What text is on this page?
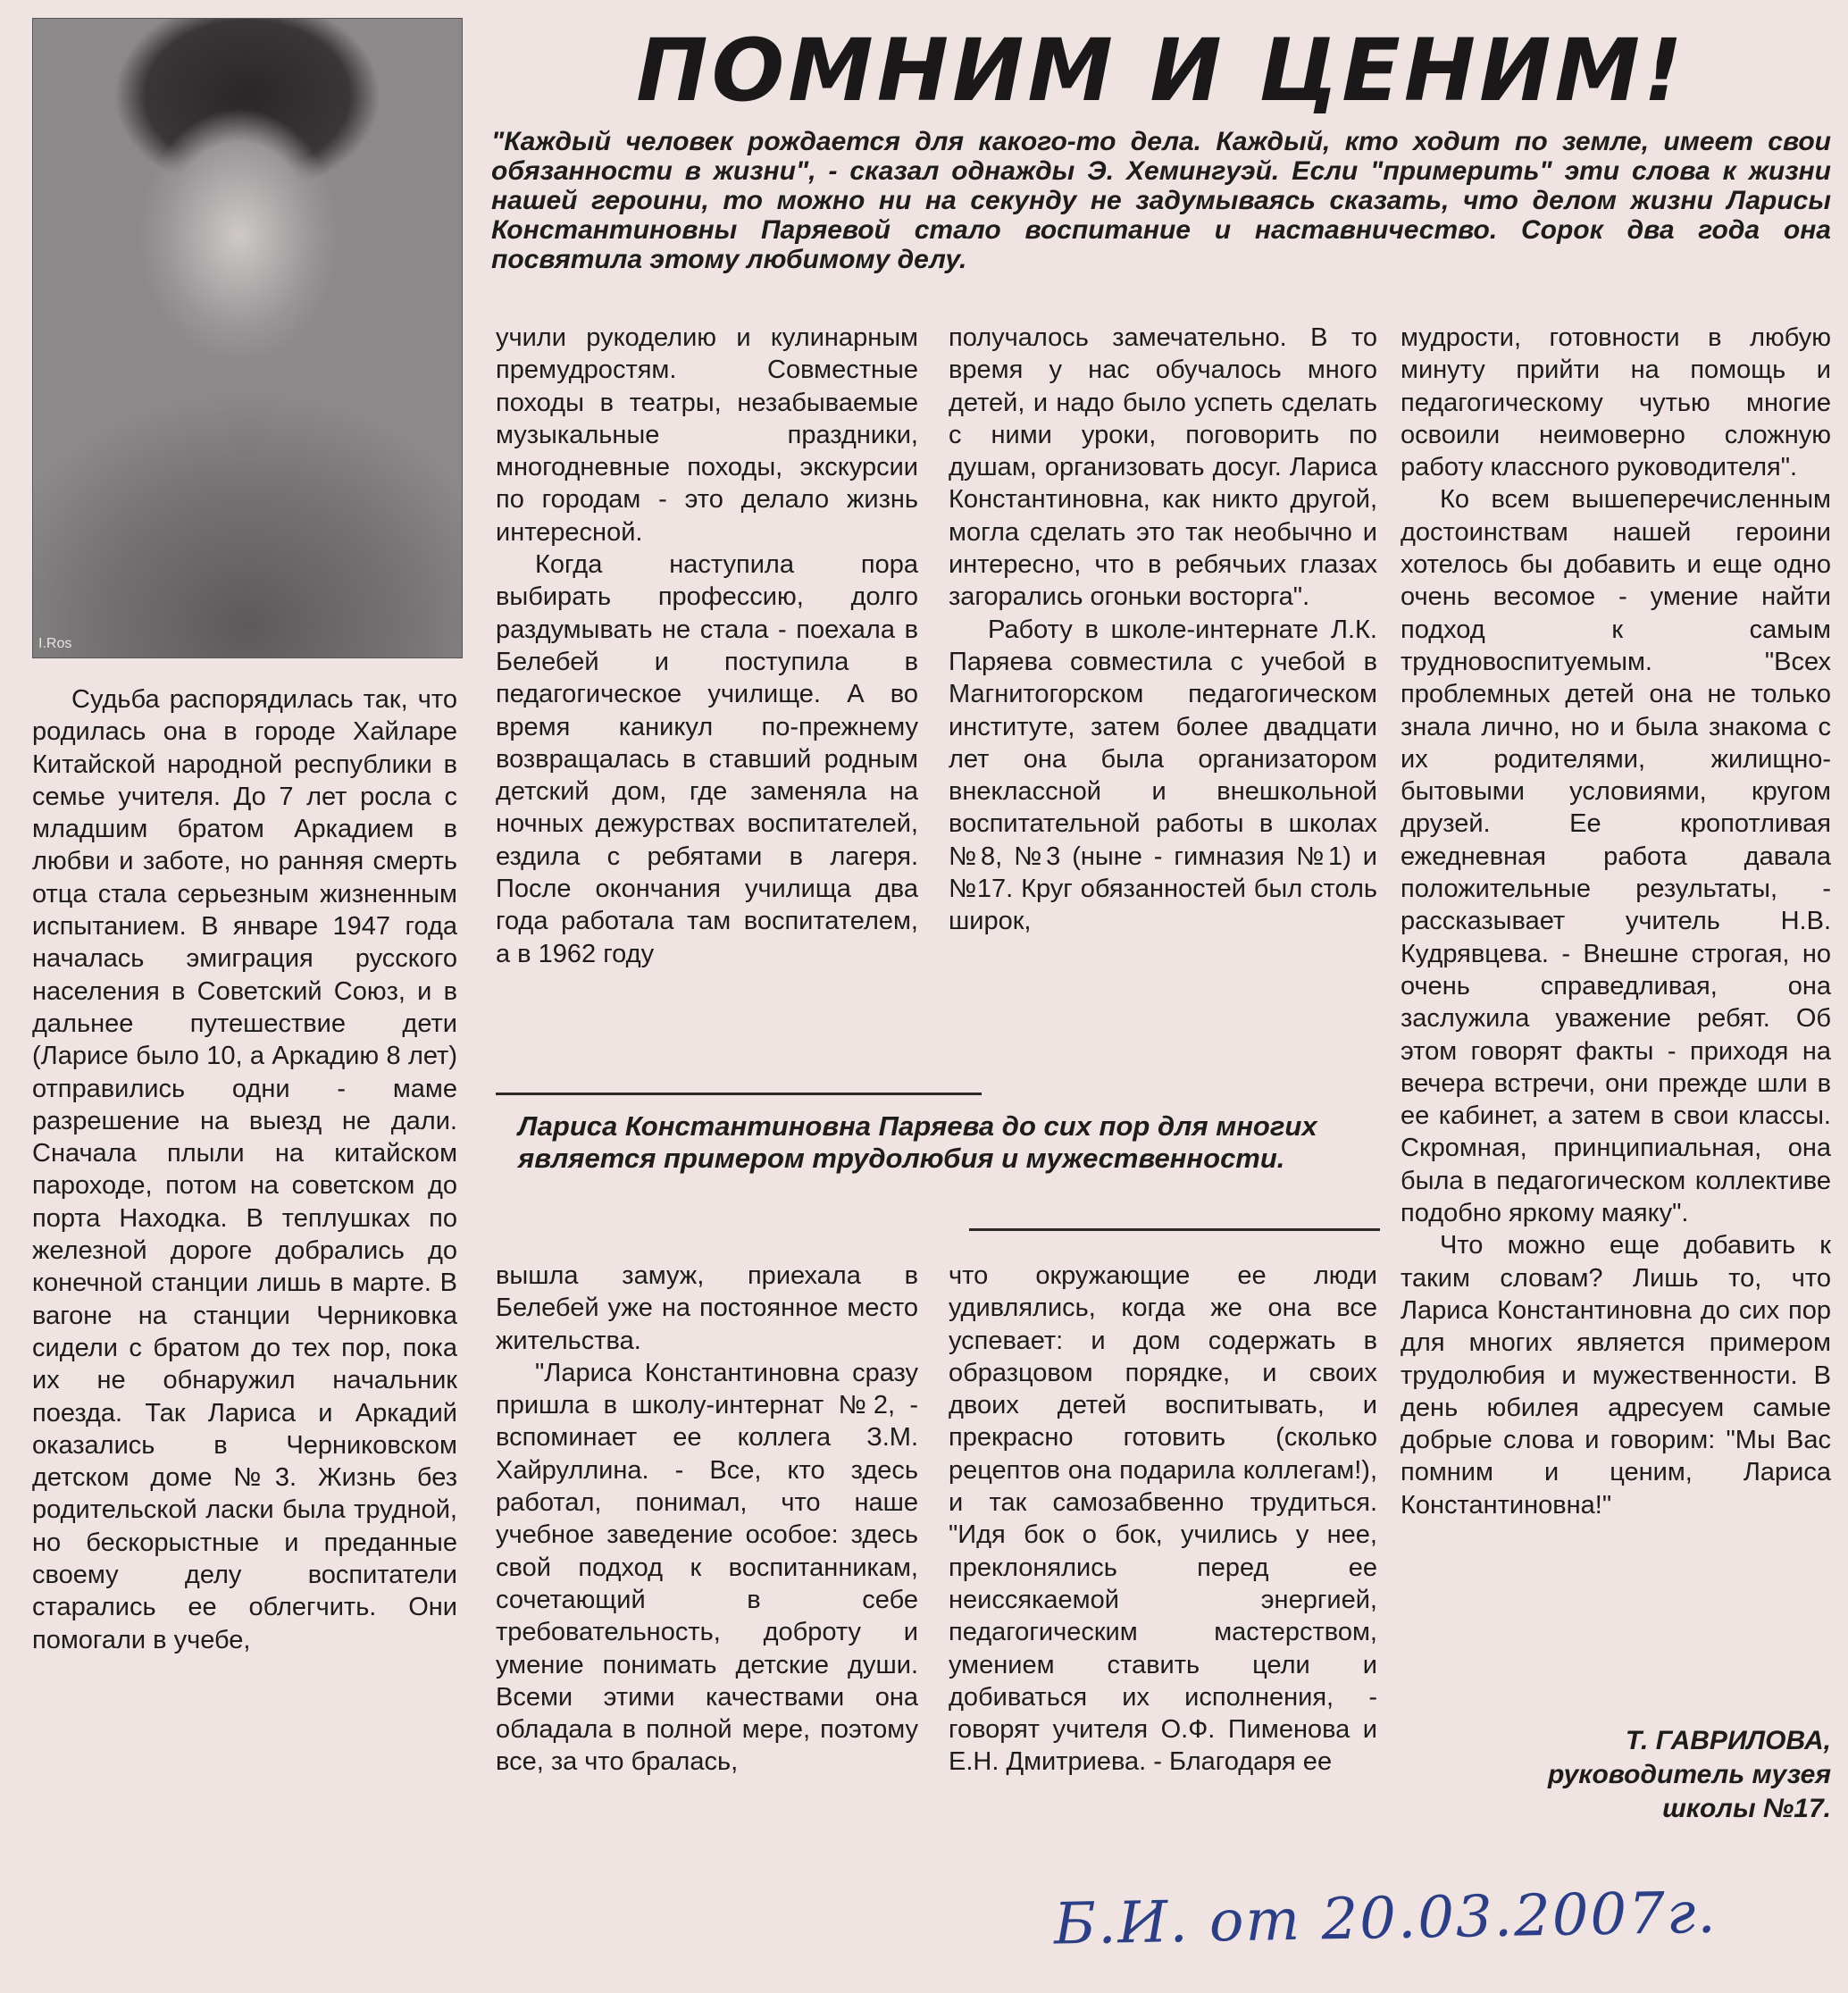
I.Ros
ПОМНИМ И ЦЕНИМ!

"Каждый человек рождается для какого-то дела. Каждый, кто ходит по земле, имеет свои обязанности в жизни", - сказал однажды Э. Хемингуэй. Если "примерить" эти слова к жизни нашей героини, то можно ни на секунду не задумываясь сказать, что делом жизни Ларисы Константиновны Паряевой стало воспитание и наставничество. Сорок два года она посвятила этому любимому делу.

Судьба распорядилась так, что родилась она в городе Хайларе Китайской народной республики в семье учителя. До 7 лет росла с младшим братом Аркадием в любви и заботе, но ранняя смерть отца стала серьезным жизненным испытанием. В январе 1947 года началась эмиграция русского населения в Советский Союз, и в дальнее путешествие дети (Ларисе было 10, а Аркадию 8 лет) отправились одни - маме разрешение на выезд не дали. Сначала плыли на китайском пароходе, потом на советском до порта Находка. В теплушках по железной дороге добрались до конечной станции лишь в марте. В вагоне на станции Черниковка сидели с братом до тех пор, пока их не обнаружил начальник поезда. Так Лариса и Аркадий оказались в Черниковском детском доме №3. Жизнь без родительской ласки была трудной, но бескорыстные и преданные своему делу воспитатели старались ее облегчить. Они помогали в учебе,

учили рукоделию и кулинарным премудростям. Совместные походы в театры, незабываемые музыкальные праздники, многодневные походы, экскурсии по городам - это делало жизнь интересной.

Когда наступила пора выбирать профессию, долго раздумывать не стала - поехала в Белебей и поступила в педагогическое училище. А во время каникул по-прежнему возвращалась в ставший родным детский дом, где заменяла на ночных дежурствах воспитателей, ездила с ребятами в лагеря. После окончания училища два года работала там воспитателем, а в 1962 году

получалось замечательно. В то время у нас обучалось много детей, и надо было успеть сделать с ними уроки, поговорить по душам, организовать досуг. Лариса Константиновна, как никто другой, могла сделать это так необычно и интересно, что в ребячьих глазах загорались огоньки восторга".

Работу в школе-интернате Л.К. Паряева совместила с учебой в Магнитогорском педагогическом институте, затем более двадцати лет она была организатором внеклассной и внешкольной воспитательной работы в школах №8, №3 (ныне - гимназия №1) и №17. Круг обязанностей был столь широк,

Лариса Константиновна Паряева до сих пор для многих является примером трудолюбия и мужественности.

вышла замуж, приехала в Белебей уже на постоянное место жительства.

"Лариса Константиновна сразу пришла в школу-интернат №2, - вспоминает ее коллега З.М. Хайруллина. - Все, кто здесь работал, понимал, что наше учебное заведение особое: здесь свой подход к воспитанникам, сочетающий в себе требовательность, доброту и умение понимать детские души. Всеми этими качествами она обладала в полной мере, поэтому все, за что бралась,

что окружающие ее люди удивлялись, когда же она все успевает: и дом содержать в образцовом порядке, и своих двоих детей воспитывать, и прекрасно готовить (сколько рецептов она подарила коллегам!), и так самозабвенно трудиться. "Идя бок о бок, учились у нее, преклонялись перед ее неиссякаемой энергией, педагогическим мастерством, умением ставить цели и добиваться их исполнения, - говорят учителя О.Ф. Пименова и Е.Н. Дмитриева. - Благодаря ее

мудрости, готовности в любую минуту прийти на помощь и педагогическому чутью многие освоили неимоверно сложную работу классного руководителя".

Ко всем вышеперечисленным достоинствам нашей героини хотелось бы добавить и еще одно очень весомое - умение найти подход к самым трудновоспитуемым. "Всех проблемных детей она не только знала лично, но и была знакома с их родителями, жилищно-бытовыми условиями, кругом друзей. Ее кропотливая ежедневная работа давала положительные результаты, - рассказывает учитель Н.В. Кудрявцева. - Внешне строгая, но очень справедливая, она заслужила уважение ребят. Об этом говорят факты - приходя на вечера встречи, они прежде шли в ее кабинет, а затем в свои классы. Скромная, принципиальная, она была в педагогическом коллективе подобно яркому маяку".

Что можно еще добавить к таким словам? Лишь то, что Лариса Константиновна до сих пор для многих является примером трудолюбия и мужественности. В день юбилея адресуем самые добрые слова и говорим: "Мы Вас помним и ценим, Лариса Константиновна!"

Т. ГАВРИЛОВА,
руководитель музея
школы №17.

Б.И. от 20.03.2007г.
